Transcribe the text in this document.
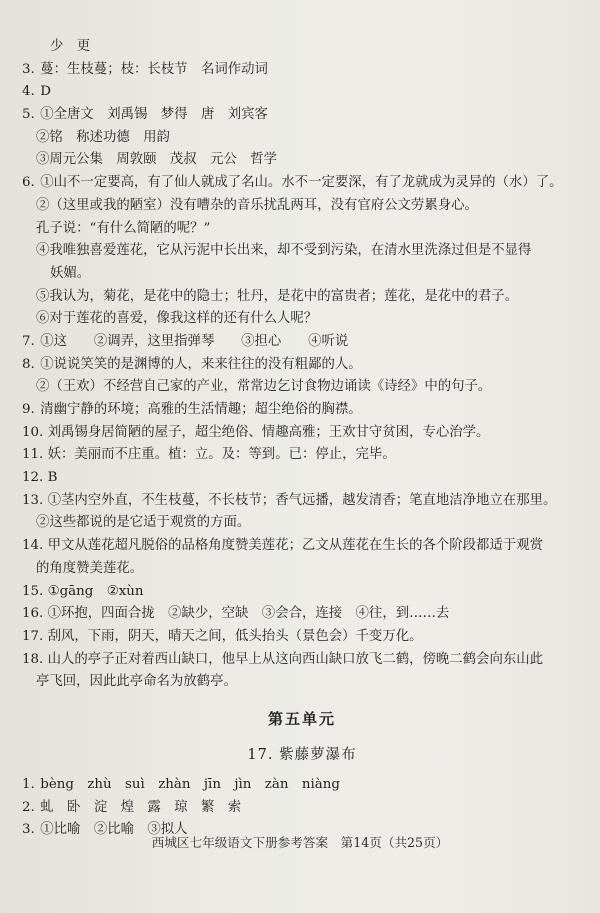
少　更
3. 蔓：生枝蔓；枝：长枝节　名词作动词
4. D
5. ①全唐文　刘禹锡　梦得　唐　刘宾客
②铭　称述功德　用韵
③周元公集　周敦颐　茂叔　元公　哲学
6. ①山不一定要高，有了仙人就成了名山。水不一定要深，有了龙就成为灵异的（水）了。
②（这里或我的陋室）没有嘈杂的音乐扰乱两耳，没有官府公文劳累身心。
孔子说：“有什么简陋的呢？”
④我唯独喜爱莲花，它从污泥中长出来，却不受到污染，在清水里洗涤过但是不显得
妖媚。
⑤我认为，菊花，是花中的隐士；牡丹，是花中的富贵者；莲花，是花中的君子。
⑥对于莲花的喜爱，像我这样的还有什么人呢？
7. ①这　　②调弄，这里指弹琴　　③担心　　④听说
8. ①说说笑笑的是渊博的人，来来往往的没有粗鄙的人。
②（王欢）不经营自己家的产业，常常边乞讨食物边诵读《诗经》中的句子。
9. 清幽宁静的环境；高雅的生活情趣；超尘绝俗的胸襟。
10. 刘禹锡身居简陋的屋子，超尘绝俗、情趣高雅；王欢甘守贫困，专心治学。
11. 妖：美丽而不庄重。植：立。及：等到。已：停止，完毕。
12. B
13. ①茎内空外直，不生枝蔓，不长枝节；香气远播，越发清香；笔直地洁净地立在那里。
②这些都说的是它适于观赏的方面。
14. 甲文从莲花超凡脱俗的品格角度赞美莲花；乙文从莲花在生长的各个阶段都适于观赏
的角度赞美莲花。
15. ①gāng　②xùn
16. ①环抱，四面合拢　②缺少，空缺　③会合，连接　④往，到……去
17. 刮风，下雨，阴天，晴天之间，低头抬头（景色会）千变万化。
18. 山人的亭子正对着西山缺口，他早上从这向西山缺口放飞二鹤，傍晚二鹤会向东山此
亭飞回，因此此亭命名为放鹤亭。
第五单元
17. 紫藤萝瀑布
1. bèng　zhù　suì　zhàn　jīn　jìn　zàn　niàng
2. 虬　卧　淀　煌　露　琼　繁　索
3. ①比喻　②比喻　③拟人
西城区七年级语文下册参考答案　第14页（共25页）
